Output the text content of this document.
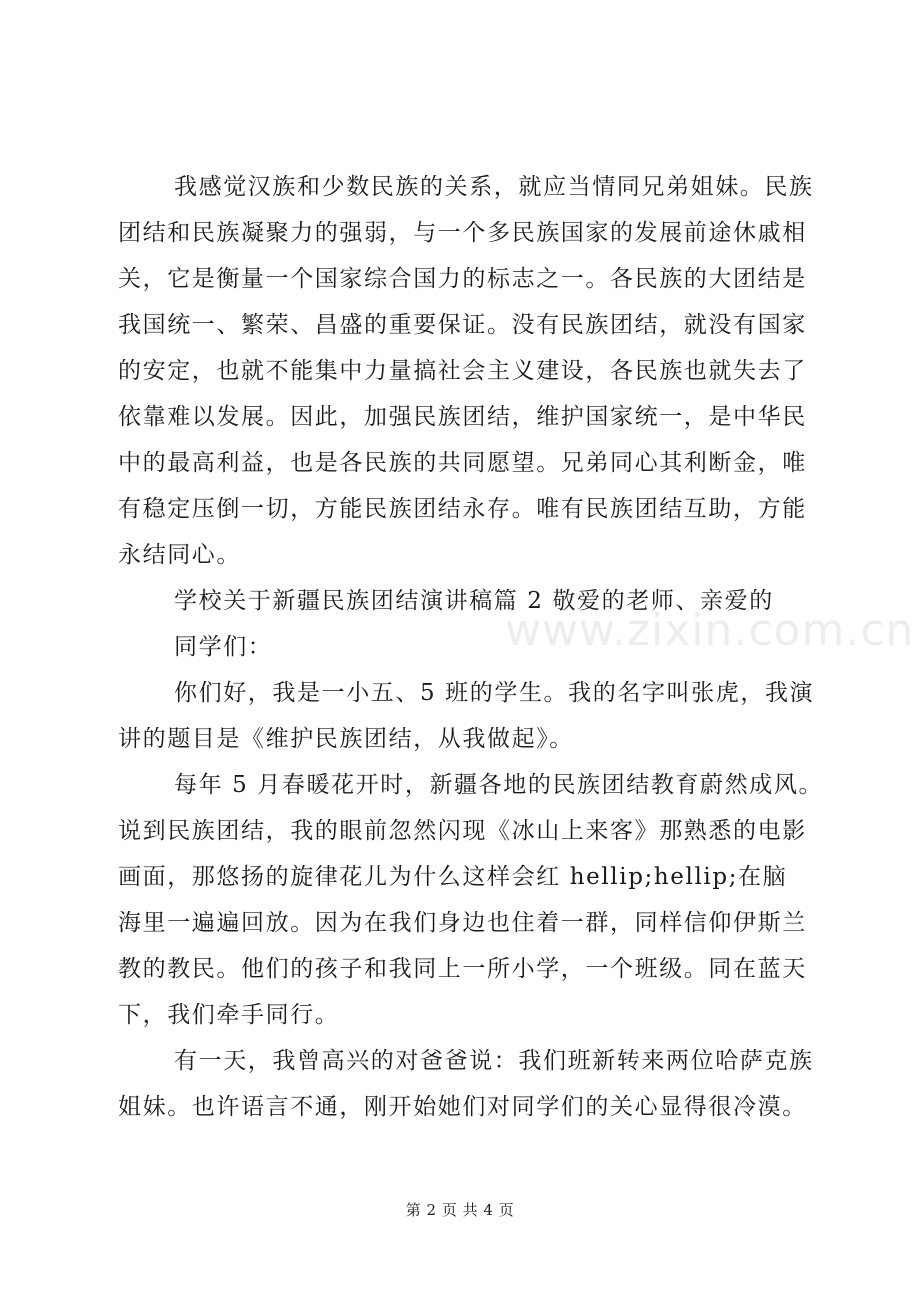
我感觉汉族和少数民族的关系，就应当情同兄弟姐妹。民族
团结和民族凝聚力的强弱，与一个多民族国家的发展前途休戚相
关，它是衡量一个国家综合国力的标志之一。各民族的大团结是
我国统一、繁荣、昌盛的重要保证。没有民族团结，就没有国家
的安定，也就不能集中力量搞社会主义建设，各民族也就失去了
依靠难以发展。因此，加强民族团结，维护国家统一，是中华民
中的最高利益，也是各民族的共同愿望。兄弟同心其利断金，唯
有稳定压倒一切，方能民族团结永存。唯有民族团结互助，方能
永结同心。
学校关于新疆民族团结演讲稿篇 2 敬爱的老师、亲爱的
同学们：
你们好，我是一小五、5 班的学生。我的名字叫张虎，我演
讲的题目是《维护民族团结，从我做起》。
每年 5 月春暖花开时，新疆各地的民族团结教育蔚然成风。
说到民族团结，我的眼前忽然闪现《冰山上来客》那熟悉的电影
画面，那悠扬的旋律花儿为什么这样会红 hellip;hellip;在脑
海里一遍遍回放。因为在我们身边也住着一群，同样信仰伊斯兰
教的教民。他们的孩子和我同上一所小学，一个班级。同在蓝天
下，我们牵手同行。
有一天，我曾高兴的对爸爸说：我们班新转来两位哈萨克族
姐妹。也许语言不通，刚开始她们对同学们的关心显得很冷漠。
www.zixin.com.cn
第 2 页 共 4 页
